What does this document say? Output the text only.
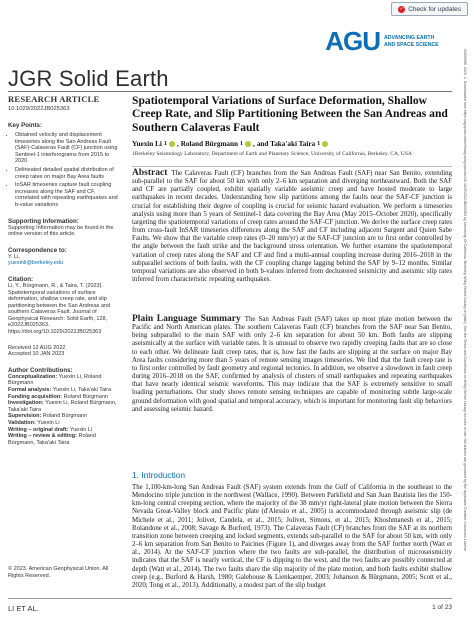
✓ Check for updates
AGU ADVANCING EARTH AND SPACE SCIENCE
JGR Solid Earth	21699356, 2023, 1, Downloaded from https://agupubs.onlinelibrary.wiley.com/doi/10.1029/2022JB025363 by University Of California, Berkeley, Wiley Online Library on [date]. See the Terms and Conditions on Wiley Online Library for rules of use; OA articles are governed by the applicable Creative Commons License
RESEARCH ARTICLE
10.1029/2022JB025363
Key Points:
• Obtained velocity and displacement timeseries along the San Andreas Fault (SAF)-Calaveras Fault (CF) junction using Sentinel-1 interferograms from 2015 to 2020
• Delineated detailed spatial distribution of creep rates on major Bay Area faults
• InSAR timeseries capture fault coupling increases along the SAF and CF, correlated with repeating earthquakes and b-value variations
Supporting Information:
Supporting Information may be found in the online version of this article.
Correspondence to:
Y. Li,
yuexinli@berkeley.edu
Citation:
Li, Y., Bürgmann, R., & Taira, T. (2023). Spatiotemporal variations of surface deformation, shallow creep rate, and slip partitioning between the San Andreas and southern Calaveras Fault. Journal of Geophysical Research: Solid Earth, 128, e2022JB025363. https://doi.org/10.1029/2022JB025363
Received 12 AUG 2022
Accepted 10 JAN 2023
Author Contributions:
Conceptualization: Yuexin Li, Roland Bürgmann
Formal analysis: Yuexin Li, Taka'aki Taira
Funding acquisition: Roland Bürgmann
Investigation: Yuexin Li, Roland Bürgmann, Taka'aki Taira
Supervision: Roland Bürgmann
Validation: Yuexin Li
Writing – original draft: Yuexin Li
Writing – review & editing: Roland Bürgmann, Taka'aki Taira
© 2023. American Geophysical Union. All Rights Reserved.
Spatiotemporal Variations of Surface Deformation, Shallow Creep Rate, and Slip Partitioning Between the San Andreas and Southern Calaveras Fault
Yuexin Li 1 , Roland Bürgmann 1 , and Taka'aki Taira 1
1Berkeley Seismology Laboratory, Department of Earth and Planetary Science, University of California, Berkeley, CA, USA
Abstract The Calaveras Fault (CF) branches from the San Andreas Fault (SAF) near San Benito, extending sub-parallel to the SAF for about 50 km with only 2–6 km separation and diverging northeastward. Both the SAF and CF are partially coupled, exhibit spatially variable aseismic creep and have hosted moderate to large earthquakes in recent decades. Understanding how slip partitions among the faults near the SAF-CF junction is crucial for establishing their degree of coupling is crucial for seismic hazard evaluation. We perform a timeseries analysis using more than 5 years of Sentinel-1 data covering the Bay Area (May 2015–October 2020), specifically targeting the spatiotemporal variations of creep rates around the SAF-CF junction. We derive the surface creep rates from cross-fault InSAR timeseries differences along the SAF and CF including adjacent Sargent and Quien Sabe Faults. We show that the variable creep rates (0–20 mm/yr) at the SAF-CF junction are to first order controlled by the angle between the fault strike and the background stress orientation. We further examine the spatiotemporal variation of creep rates along the SAF and CF and find a multi-annual coupling increase during 2016–2018 in the subparallel sections of both faults, with the CF coupling change lagging behind the SAF by 9–12 months. Similar temporal variations are also observed in both b-values inferred from declustered seismicity and aseismic slip rates inferred from characteristic repeating earthquakes.
Plain Language Summary The San Andreas Fault (SAF) takes up most plate motion between the Pacific and North American plates. The southern Calaveras Fault (CF) branches from the SAF near San Benito, being subparallel to the main SAF with only 2–6 km separation for about 50 km. Both faults are slipping aseismically at the surface with variable rates. It is unusual to observe two rapidly creeping faults that are so close to each other. We delineate fault creep rates, that is, how fast the faults are slipping at the surface on major Bay Area faults considering more than 5 years of remote sensing images timeseries. We find that the fault creep rate is to first order controlled by fault geometry and regional tectonics. In addition, we observe a slowdown in fault creep during 2016–2018 on the SAF, confirmed by analysis of clusters of small earthquakes and repeating earthquakes that have nearly identical seismic waveforms. This may indicate that the SAF is extremely sensitive to small loading perturbations. Our study shows remote sensing techniques are capable of monitoring subtle large-scale ground deformation with good spatial and temporal accuracy, which is important for monitoring fault slip behaviors and assessing seismic hazard.
1. Introduction
The 1,100-km-long San Andreas Fault (SAF) system extends from the Gulf of California in the southeast to the Mendocino triple junction in the northwest (Wallace, 1990). Between Parkfield and San Juan Bautista lies the 150-km-long central creeping section, where the majority of the 38 mm/yr right-lateral plate motion between the Sierra Nevada Great-Valley block and Pacific plate (d'Alessio et al., 2005) is accommodated through aseismic slip (de Michele et al., 2011; Jolivet, Candela, et al., 2015; Jolivet, Simons, et al., 2015; Khoshmanesh et al., 2015; Rolandone et al., 2008; Savage & Burford, 1973). The Calaveras Fault (CF) branches from the SAF at its northern transition zone between creeping and locked segments, extends sub-parallel to the SAF for about 50 km, with only 2–6 km separation from San Benito to Paicines (Figure 1), and diverges away from the SAF further north (Watt et al., 2014). At the SAF-CF junction where the two faults are sub-parallel, the distribution of microseismicity indicates that the SAF is nearly vertical, the CF is dipping to the west, and the two faults are possibly connected at depth (Watt et al., 2014). The two faults share the slip majority of the plate motion, and both faults exhibit shallow creep (e.g., Burford & Harsh, 1980; Galehouse & Lienkaemper, 2003; Johanson & Bürgmann, 2005; Scott et al., 2020; Tong et al., 2013). Additionally, a modest part of the slip budget
LI ET AL.	1 of 23
